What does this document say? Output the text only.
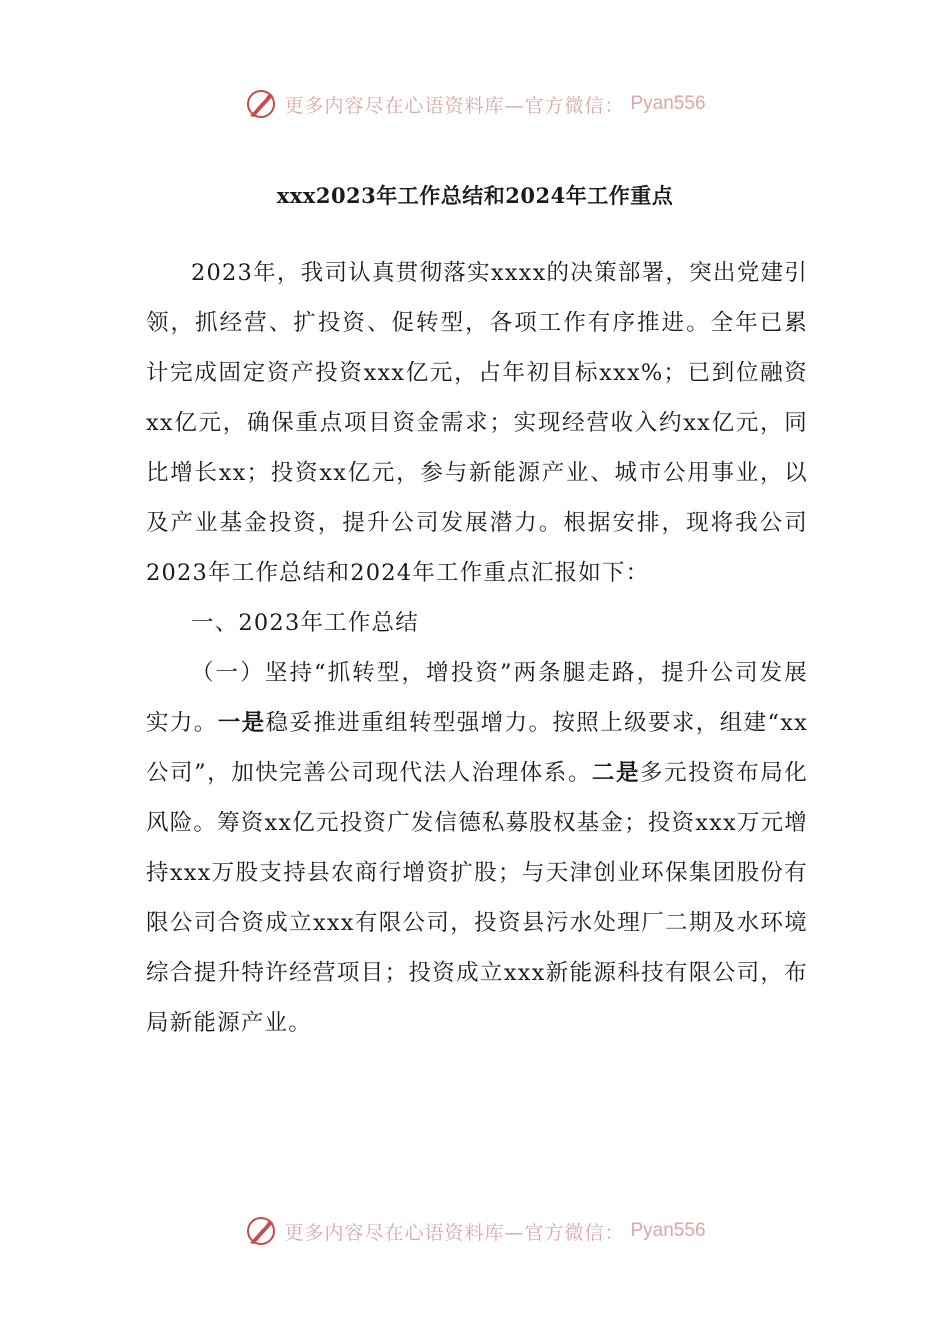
更多内容尽在心语资料库—官方微信： Pyan556
xxx2023年工作总结和2024年工作重点

2023年，我司认真贯彻落实xxxx的决策部署，突出党建引领，抓经营、扩投资、促转型，各项工作有序推进。全年已累计完成固定资产投资xxx亿元，占年初目标xxx%；已到位融资xx亿元，确保重点项目资金需求；实现经营收入约xx亿元，同比增长xx；投资xx亿元，参与新能源产业、城市公用事业，以及产业基金投资，提升公司发展潜力。根据安排，现将我公司2023年工作总结和2024年工作重点汇报如下：

一、2023年工作总结

（一）坚持“抓转型，增投资”两条腿走路，提升公司发展实力。一是稳妥推进重组转型强增力。按照上级要求，组建“xx公司”，加快完善公司现代法人治理体系。二是多元投资布局化风险。筹资xx亿元投资广发信德私募股权基金；投资xxx万元增持xxx万股支持县农商行增资扩股；与天津创业环保集团股份有限公司合资成立xxx有限公司，投资县污水处理厂二期及水环境综合提升特许经营项目；投资成立xxx新能源科技有限公司，布局新能源产业。

更多内容尽在心语资料库—官方微信： Pyan556
